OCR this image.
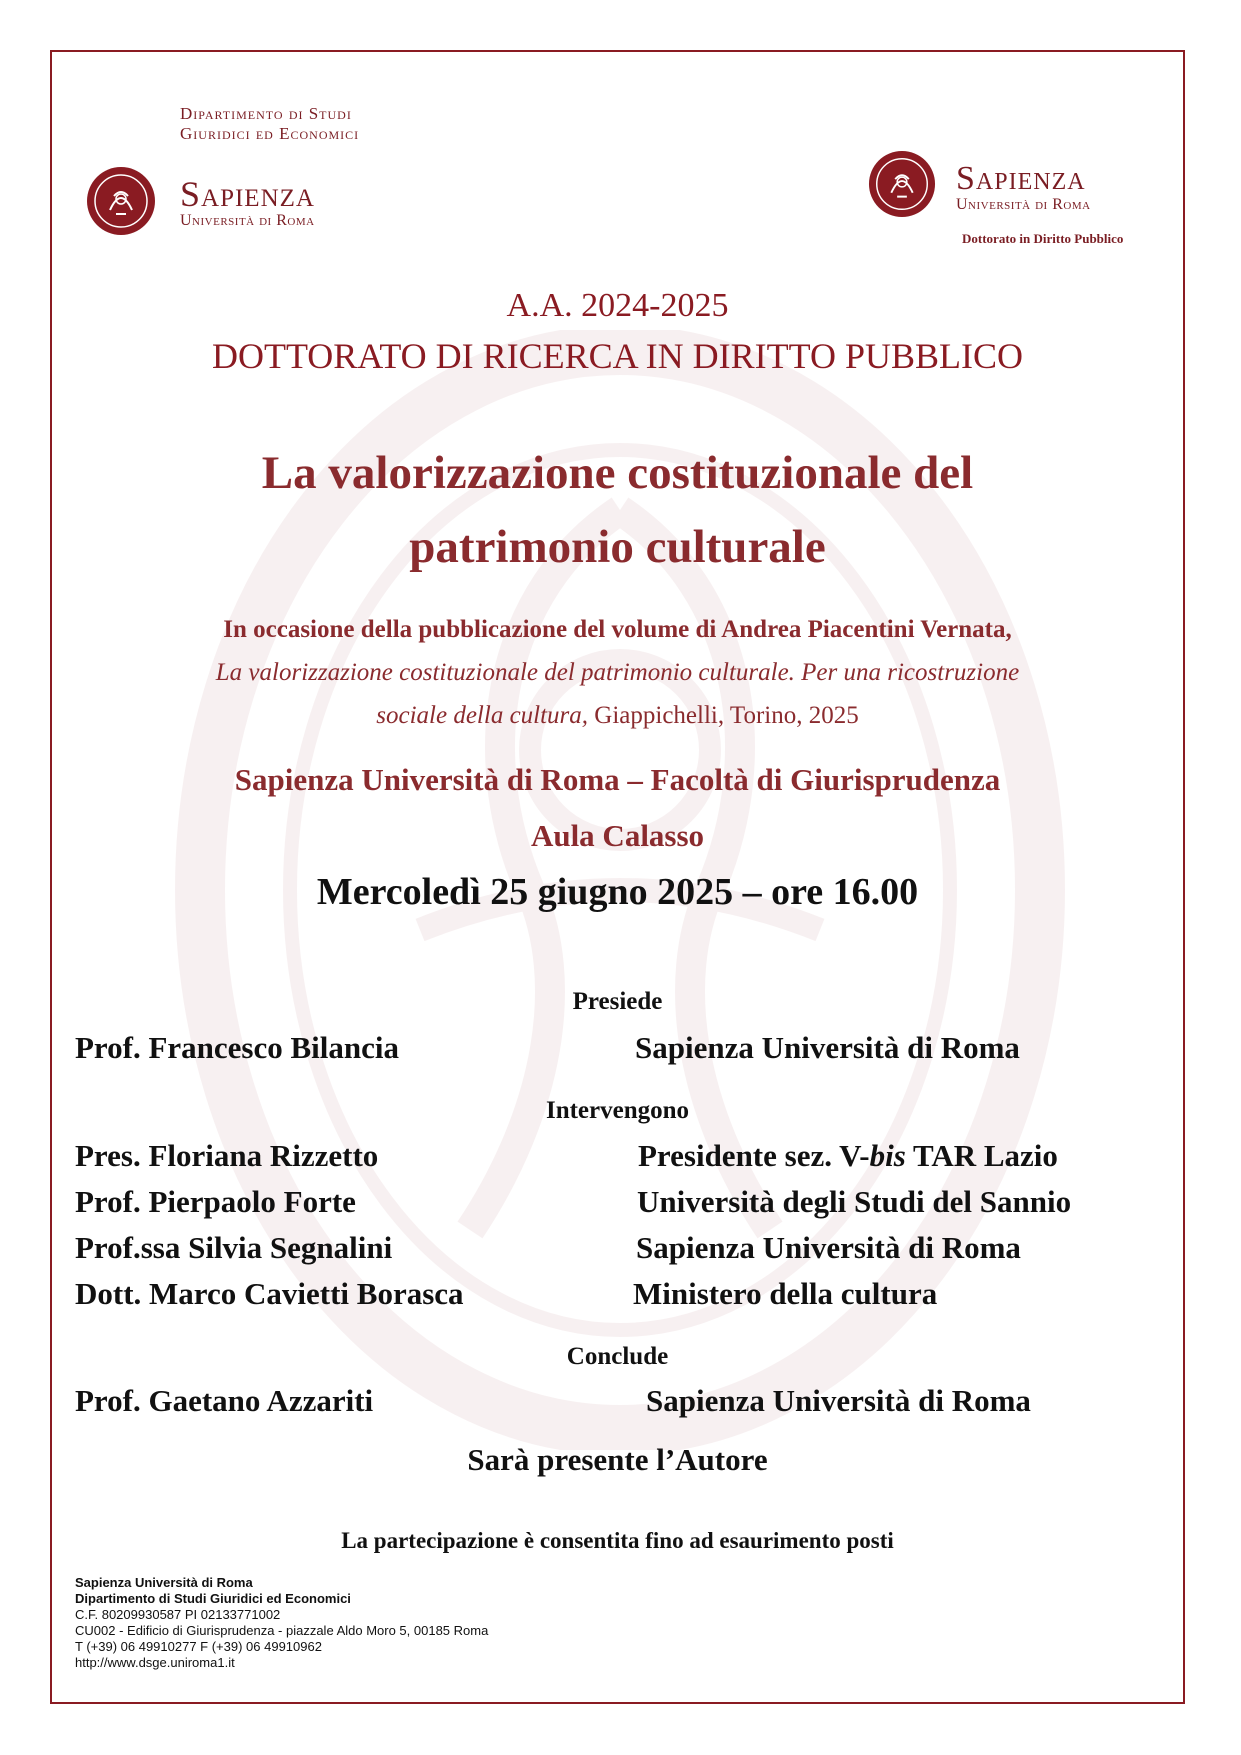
Dipartimento di Studi
Giuridici ed Economici
Sapienza
Università di Roma
Sapienza
Università di Roma
Dottorato in Diritto Pubblico
A.A. 2024-2025
DOTTORATO DI RICERCA IN DIRITTO PUBBLICO
La valorizzazione costituzionale del
patrimonio culturale
In occasione della pubblicazione del volume di Andrea Piacentini Vernata,
La valorizzazione costituzionale del patrimonio culturale. Per una ricostruzione
sociale della cultura, Giappichelli, Torino, 2025
Sapienza Università di Roma – Facoltà di Giurisprudenza
Aula Calasso
Mercoledì 25 giugno 2025 – ore 16.00
Presiede
Prof. Francesco Bilancia	Sapienza Università di Roma
Intervengono
Pres. Floriana Rizzetto	Presidente sez. V-bis TAR Lazio
Prof. Pierpaolo Forte	Università degli Studi del Sannio
Prof.ssa Silvia Segnalini	Sapienza Università di Roma
Dott. Marco Cavietti Borasca	Ministero della cultura
Conclude
Prof. Gaetano Azzariti	Sapienza Università di Roma
Sarà presente l’Autore
La partecipazione è consentita fino ad esaurimento posti
Sapienza Università di Roma
Dipartimento di Studi Giuridici ed Economici
C.F. 80209930587 PI 02133771002
CU002 - Edificio di Giurisprudenza - piazzale Aldo Moro 5, 00185 Roma
T (+39) 06 49910277 F (+39) 06 49910962
http://www.dsge.uniroma1.it
